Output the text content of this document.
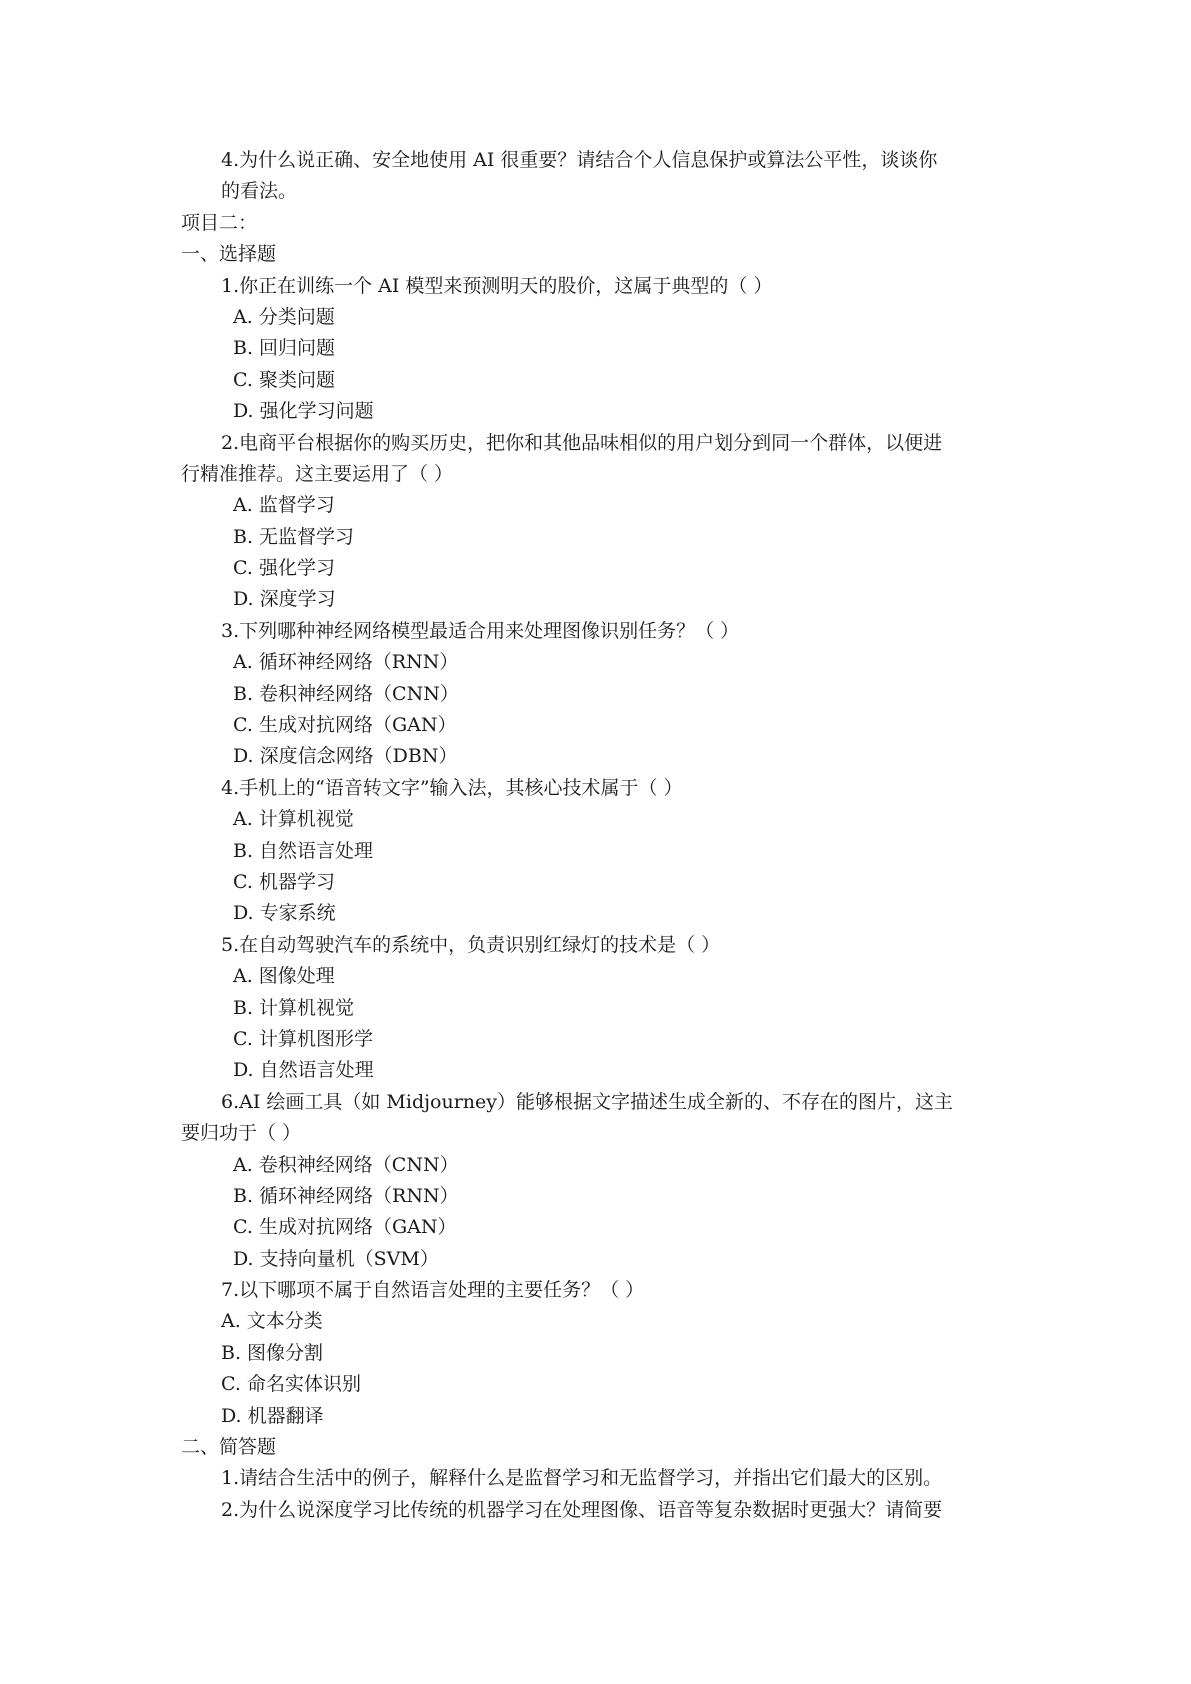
4.为什么说正确、安全地使用 AI 很重要？请结合个人信息保护或算法公平性，谈谈你
的看法。
项目二：
一、选择题
1.你正在训练一个 AI 模型来预测明天的股价，这属于典型的（ ）
A. 分类问题
B. 回归问题
C. 聚类问题
D. 强化学习问题
2.电商平台根据你的购买历史，把你和其他品味相似的用户划分到同一个群体，以便进
行精准推荐。这主要运用了（ ）
A. 监督学习
B. 无监督学习
C. 强化学习
D. 深度学习
3.下列哪种神经网络模型最适合用来处理图像识别任务？（ ）
A. 循环神经网络（RNN）
B. 卷积神经网络（CNN）
C. 生成对抗网络（GAN）
D. 深度信念网络（DBN）
4.手机上的“语音转文字”输入法，其核心技术属于（ ）
A. 计算机视觉
B. 自然语言处理
C. 机器学习
D. 专家系统
5.在自动驾驶汽车的系统中，负责识别红绿灯的技术是（ ）
A. 图像处理
B. 计算机视觉
C. 计算机图形学
D. 自然语言处理
6.AI 绘画工具（如 Midjourney）能够根据文字描述生成全新的、不存在的图片，这主
要归功于（ ）
A. 卷积神经网络（CNN）
B. 循环神经网络（RNN）
C. 生成对抗网络（GAN）
D. 支持向量机（SVM）
7.以下哪项不属于自然语言处理的主要任务？（ ）
A. 文本分类
B. 图像分割
C. 命名实体识别
D. 机器翻译
二、简答题
1.请结合生活中的例子，解释什么是监督学习和无监督学习，并指出它们最大的区别。
2.为什么说深度学习比传统的机器学习在处理图像、语音等复杂数据时更强大？请简要
